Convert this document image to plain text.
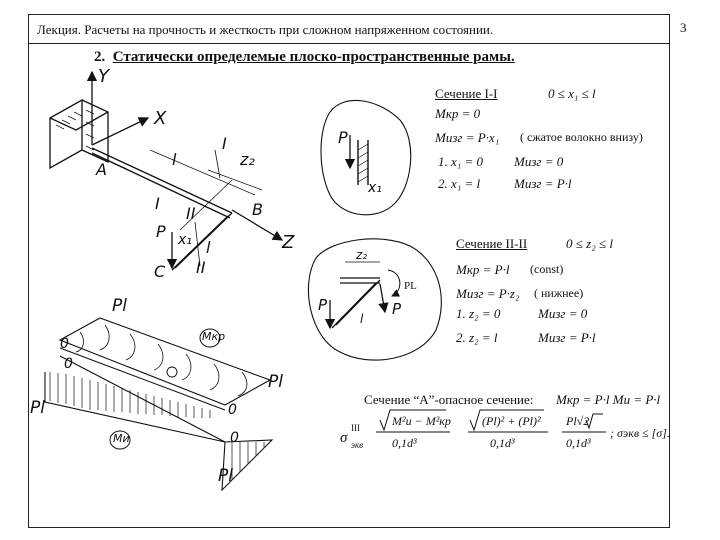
Лекция. Расчеты на прочность и жесткость при сложном напряженном состоянии.	3
2. Статически определемые плоско-пространственные рамы.
Y
X
Z
A
B
C
I
I
II
II
l
l
z₂
x₁
P
Сечение I-I	0 ≤ x₁ ≤ l
Mкр = 0
Mизг = P·x₁ ( сжатое волокно внизу)
1. x₁ = 0 Mизг = 0
2. x₁ = l	Mизг = P·l
P
x₁
Сечение II-II	0 ≤ z₂ ≤ l
Mкр = P·l (const)
Mизг = P·z₂ ( нижнее)
1. z₂ = 0	Mизг = 0
2. z₂ = l	Mизг = P·l
P	P
PL
z₂
l
Pl
Pl
Pl
Pl
0
0
0
0
Mкр
Mи
Сечение “A”-опасное сечение: Mкр = P·l Mи = P·l
σ
III
экв
M²и − M²кр
0,1d³
(Pl)² + (Pl)²
0,1d³
Pl√2
0,1d³
; σэкв ≤ [σ].
